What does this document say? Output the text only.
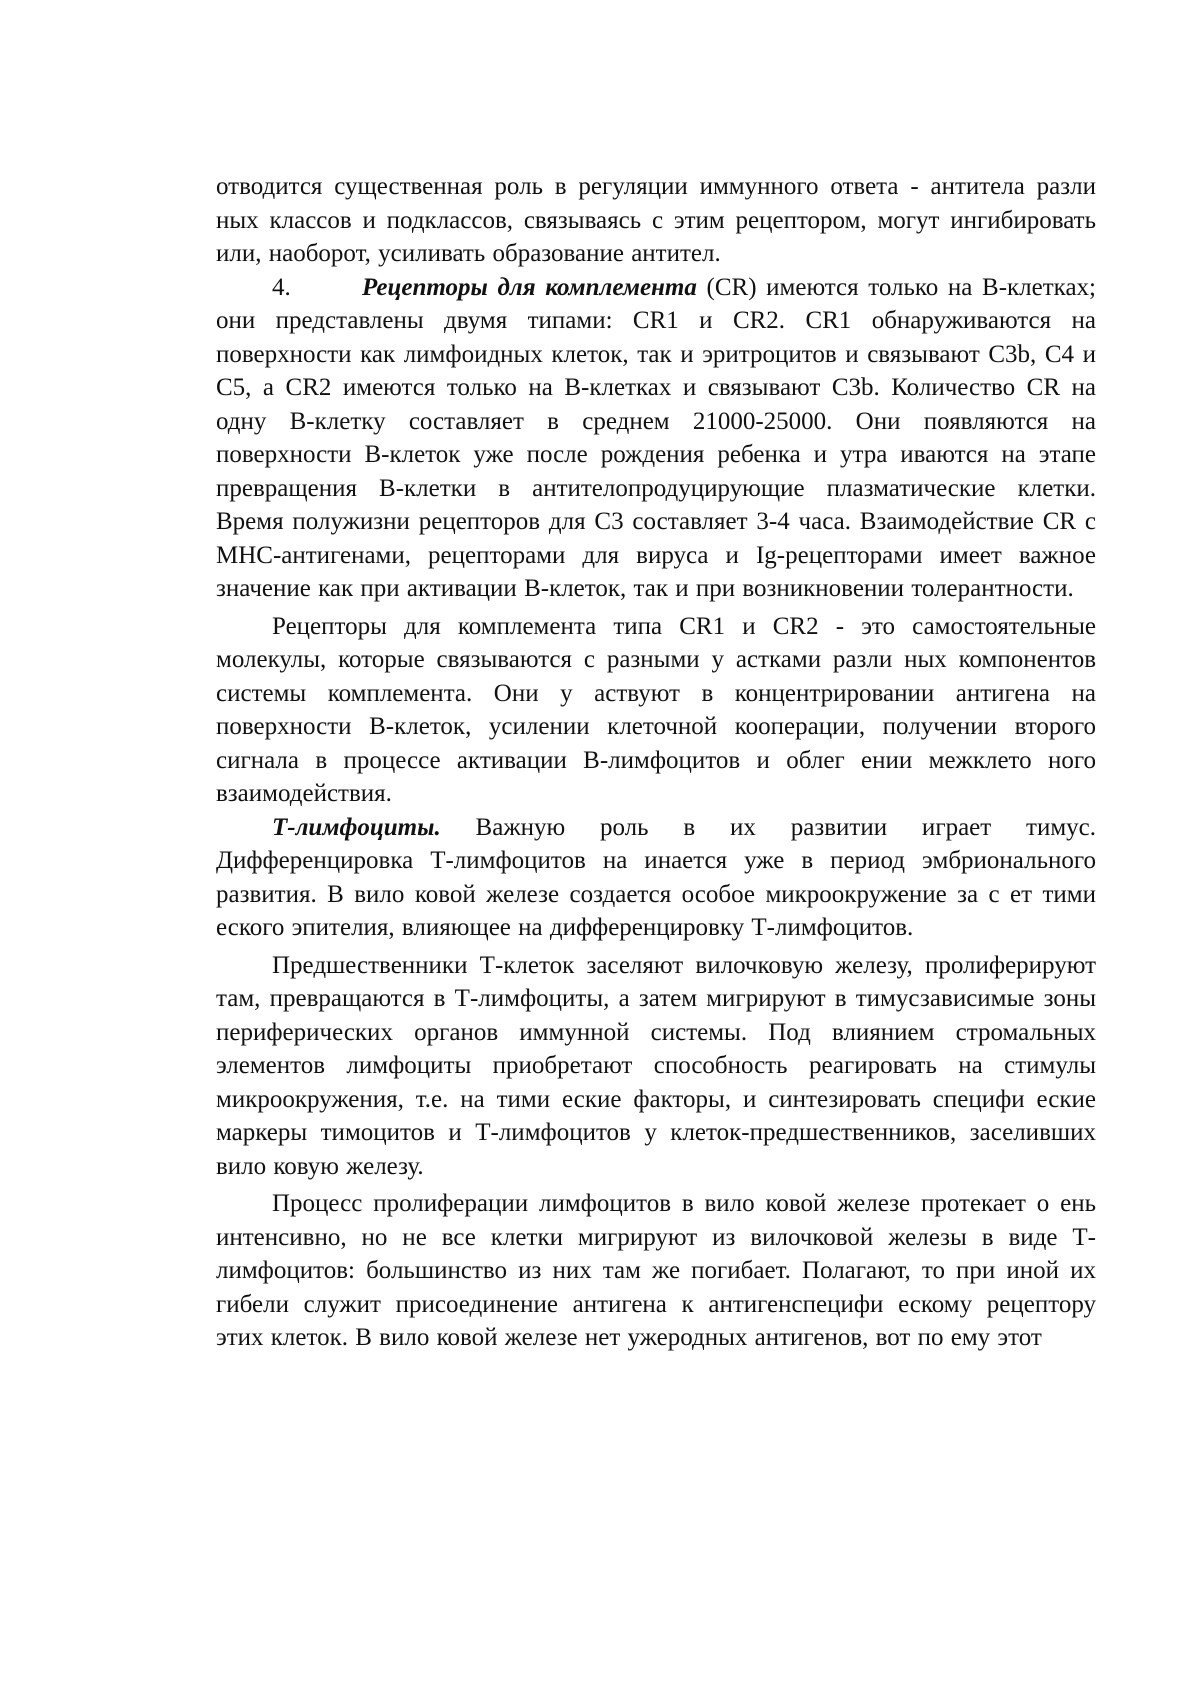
отводится существенная роль в регуляции иммунного ответа - антитела разли ных классов и подклассов, связываясь с этим рецептором, могут ингибировать или, наоборот, усиливать образование антител.

4.	Рецепторы для комплемента (CR) имеются только на В-клетках; они представлены двумя типами: CR1 и CR2. CR1 обнаруживаются на поверхности как лимфоидных клеток, так и эритроцитов и связывают C3b, C4 и C5, а CR2 имеются только на В-клетках и связывают C3b. Количество CR на одну В-клетку составляет в среднем 21000-25000. Они появляются на поверхности В-клеток уже после рождения ребенка и утра иваются на этапе превращения В-клетки в антителопродуцирующие плазматические клетки. Время полужизни рецепторов для C3 составляет 3-4 часа. Взаимодействие CR с MHC-антигенами, рецепторами для вируса и Ig-рецепторами имеет важное значение как при активации В-клеток, так и при возникновении толерантности.

Рецепторы для комплемента типа CR1 и CR2 - это самостоятельные молекулы, которые связываются с разными у астками разли ных компонентов системы комплемента. Они у аствуют в концентрировании антигена на поверхности В-клеток, усилении клеточной кооперации, получении второго сигнала в процессе активации В-лимфоцитов и облег ении межклето ного взаимодействия.

Т-лимфоциты. Важную роль в их развитии играет тимус. Дифференцировка Т-лимфоцитов на инается уже в период эмбрионального развития. В вило ковой железе создается особое микроокружение за с ет тими еского эпителия, влияющее на дифференцировку Т-лимфоцитов.

Предшественники Т-клеток заселяют вилочковую железу, пролиферируют там, превращаются в Т-лимфоциты, а затем мигрируют в тимусзависимые зоны периферических органов иммунной системы. Под влиянием стромальных элементов лимфоциты приобретают способность реагировать на стимулы микроокружения, т.е. на тими еские факторы, и синтезировать специфи еские маркеры тимоцитов и Т-лимфоцитов у клеток-предшественников, заселивших вило ковую железу.

Процесс пролиферации лимфоцитов в вило ковой железе протекает о ень интенсивно, но не все клетки мигрируют из вилочковой железы в виде Т-лимфоцитов: большинство из них там же погибает. Полагают, то при иной их гибели служит присоединение антигена к антигенспецифи ескому рецептору этих клеток. В вило ковой железе нет ужеродных антигенов, вот по ему этот
